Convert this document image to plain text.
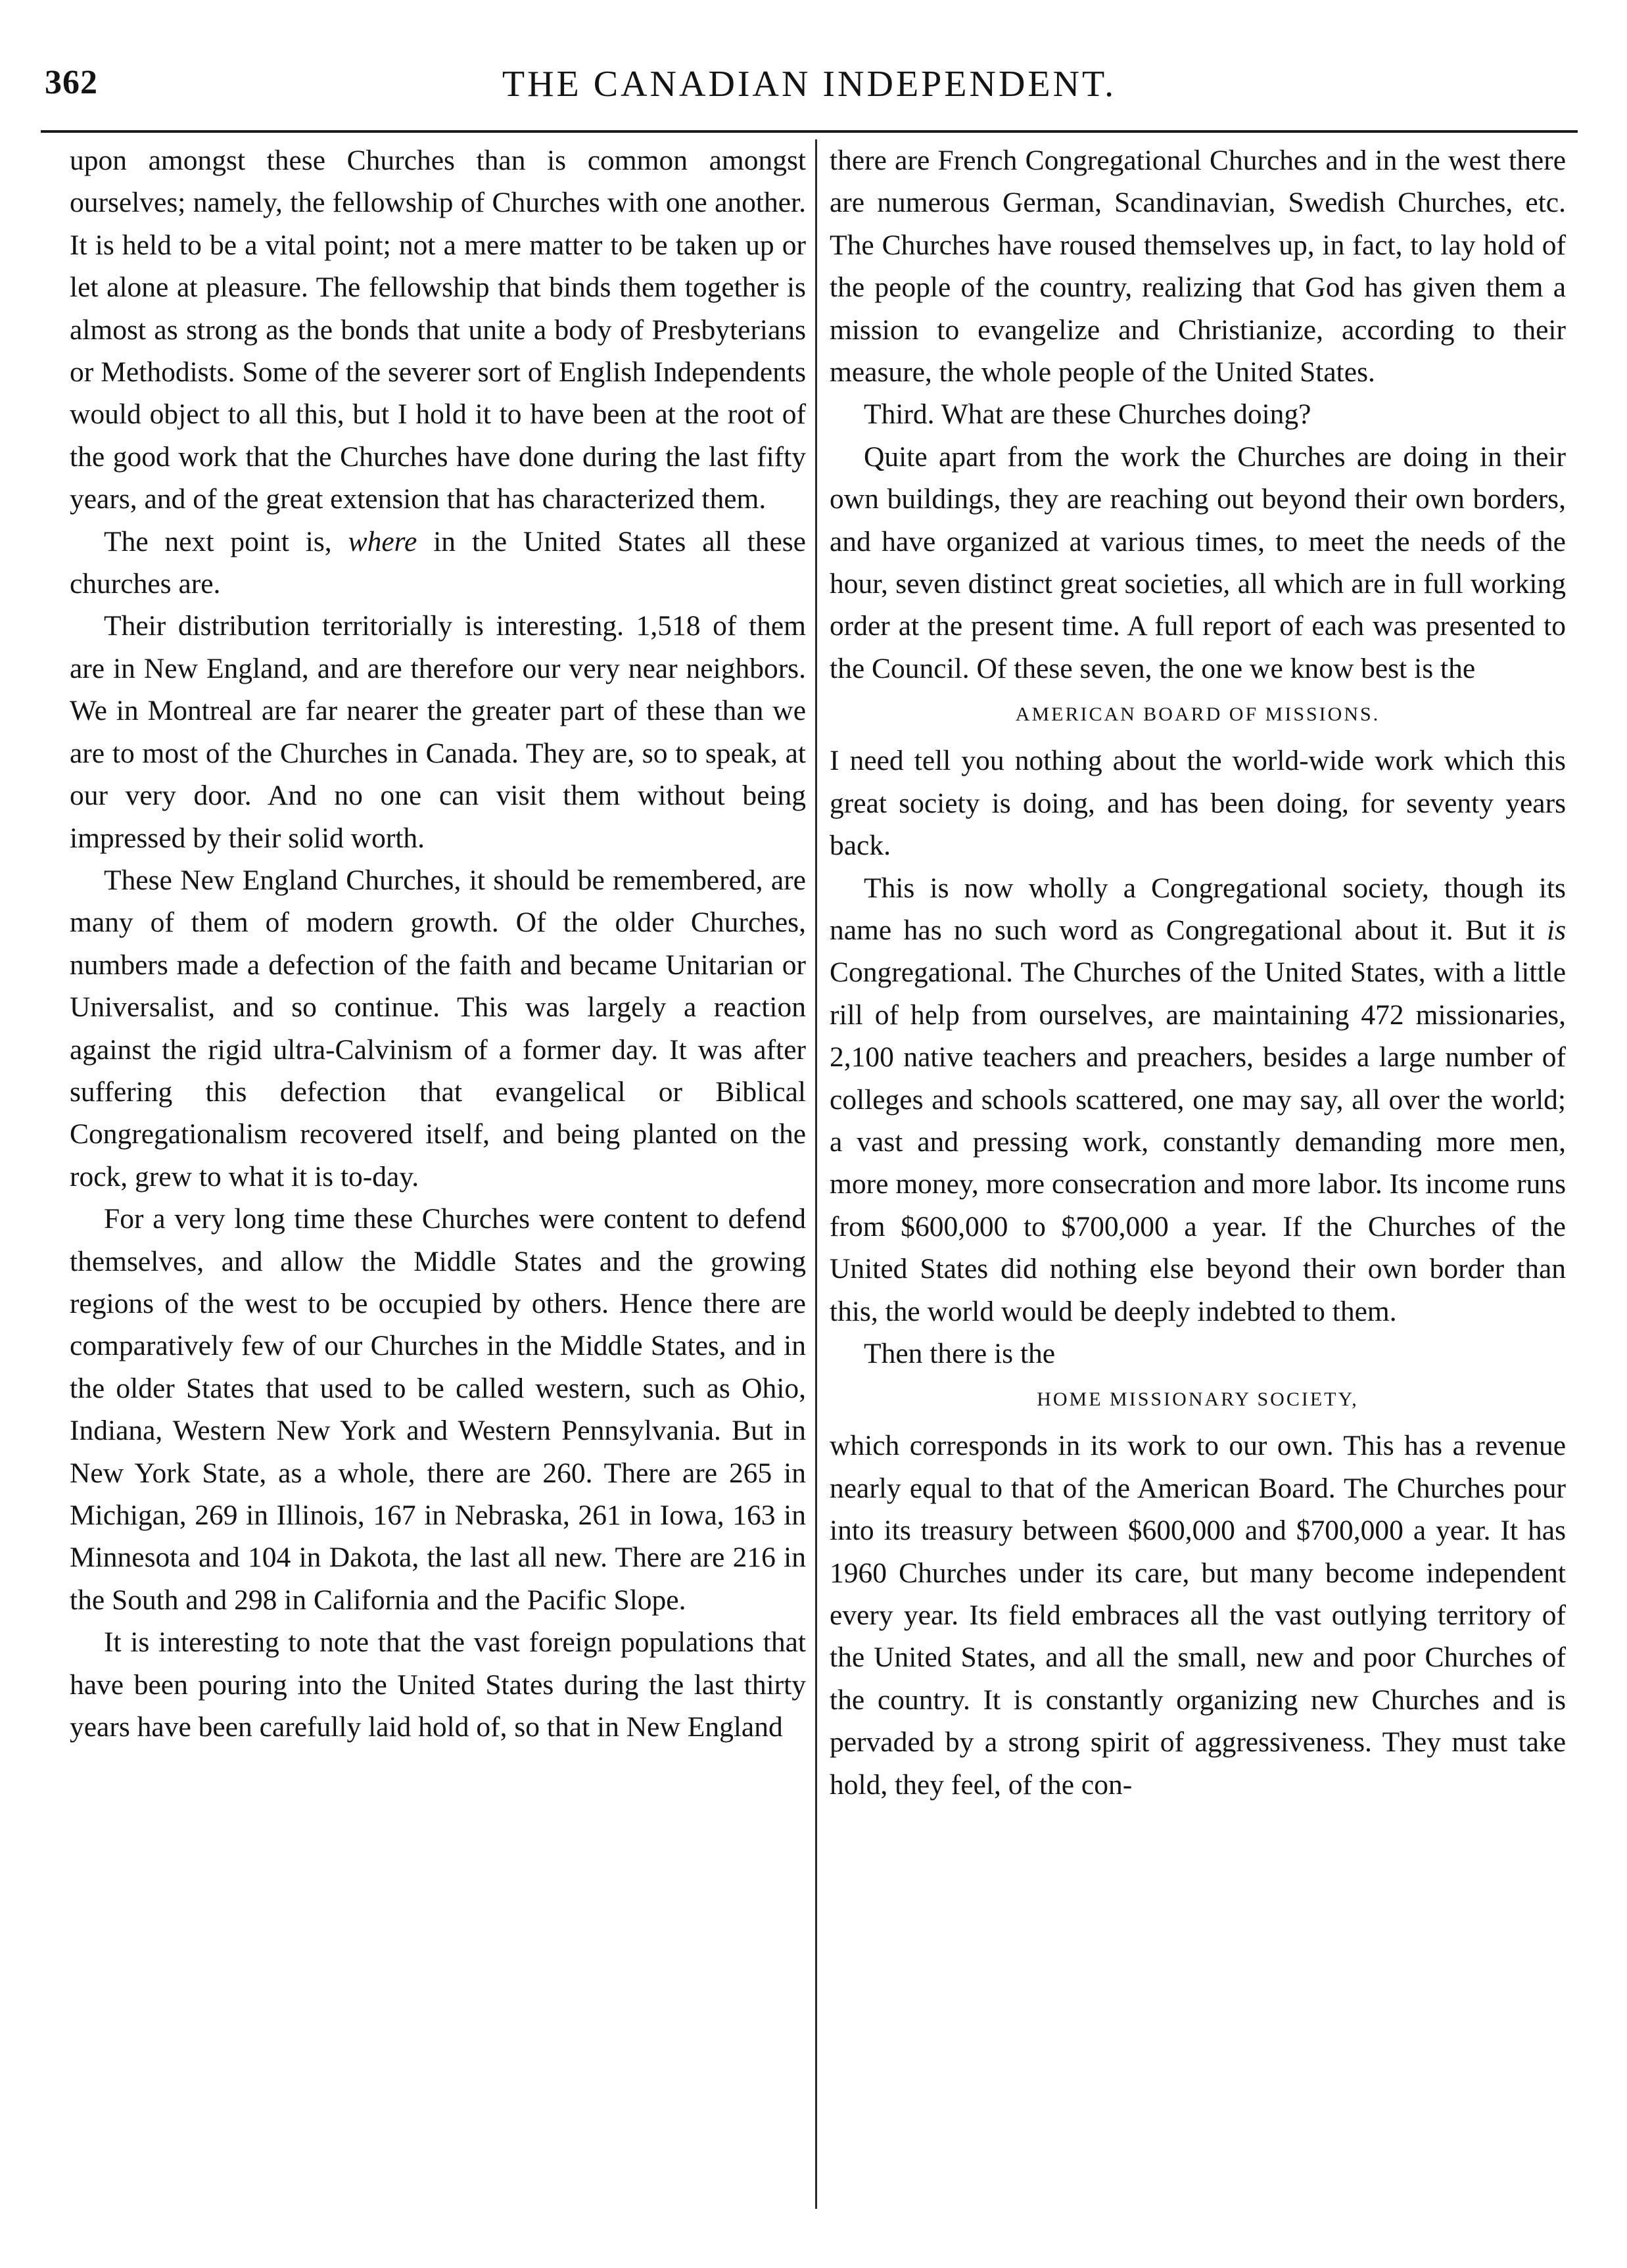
362	THE CANADIAN INDEPENDENT.

upon amongst these Churches than is common amongst ourselves; namely, the fellowship of Churches with one another. It is held to be a vital point; not a mere matter to be taken up or let alone at pleasure. The fellowship that binds them together is almost as strong as the bonds that unite a body of Presbyterians or Methodists. Some of the severer sort of English Independents would object to all this, but I hold it to have been at the root of the good work that the Churches have done during the last fifty years, and of the great extension that has characterized them.

The next point is, where in the United States all these churches are.

Their distribution territorially is interesting. 1,518 of them are in New England, and are therefore our very near neighbors. We in Montreal are far nearer the greater part of these than we are to most of the Churches in Canada. They are, so to speak, at our very door. And no one can visit them without being impressed by their solid worth.

These New England Churches, it should be remembered, are many of them of modern growth. Of the older Churches, numbers made a defection of the faith and became Unitarian or Universalist, and so continue. This was largely a reaction against the rigid ultra-Calvinism of a former day. It was after suffering this defection that evangelical or Biblical Congregationalism recovered itself, and being planted on the rock, grew to what it is to-day.

For a very long time these Churches were content to defend themselves, and allow the Middle States and the growing regions of the west to be occupied by others. Hence there are comparatively few of our Churches in the Middle States, and in the older States that used to be called western, such as Ohio, Indiana, Western New York and Western Pennsylvania. But in New York State, as a whole, there are 260. There are 265 in Michigan, 269 in Illinois, 167 in Nebraska, 261 in Iowa, 163 in Minnesota and 104 in Dakota, the last all new. There are 216 in the South and 298 in California and the Pacific Slope.

It is interesting to note that the vast foreign populations that have been pouring into the United States during the last thirty years have been carefully laid hold of, so that in New England

there are French Congregational Churches and in the west there are numerous German, Scandinavian, Swedish Churches, etc. The Churches have roused themselves up, in fact, to lay hold of the people of the country, realizing that God has given them a mission to evangelize and Christianize, according to their measure, the whole people of the United States.

Third. What are these Churches doing?

Quite apart from the work the Churches are doing in their own buildings, they are reaching out beyond their own borders, and have organized at various times, to meet the needs of the hour, seven distinct great societies, all which are in full working order at the present time. A full report of each was presented to the Council. Of these seven, the one we know best is the

AMERICAN BOARD OF MISSIONS.

I need tell you nothing about the world-wide work which this great society is doing, and has been doing, for seventy years back.

This is now wholly a Congregational society, though its name has no such word as Congregational about it. But it is Congregational. The Churches of the United States, with a little rill of help from ourselves, are maintaining 472 missionaries, 2,100 native teachers and preachers, besides a large number of colleges and schools scattered, one may say, all over the world; a vast and pressing work, constantly demanding more men, more money, more consecration and more labor. Its income runs from $600,000 to $700,000 a year. If the Churches of the United States did nothing else beyond their own border than this, the world would be deeply indebted to them.

Then there is the

HOME MISSIONARY SOCIETY,

which corresponds in its work to our own. This has a revenue nearly equal to that of the American Board. The Churches pour into its treasury between $600,000 and $700,000 a year. It has 1960 Churches under its care, but many become independent every year. Its field embraces all the vast outlying territory of the United States, and all the small, new and poor Churches of the country. It is constantly organizing new Churches and is pervaded by a strong spirit of aggressiveness. They must take hold, they feel, of the con-
